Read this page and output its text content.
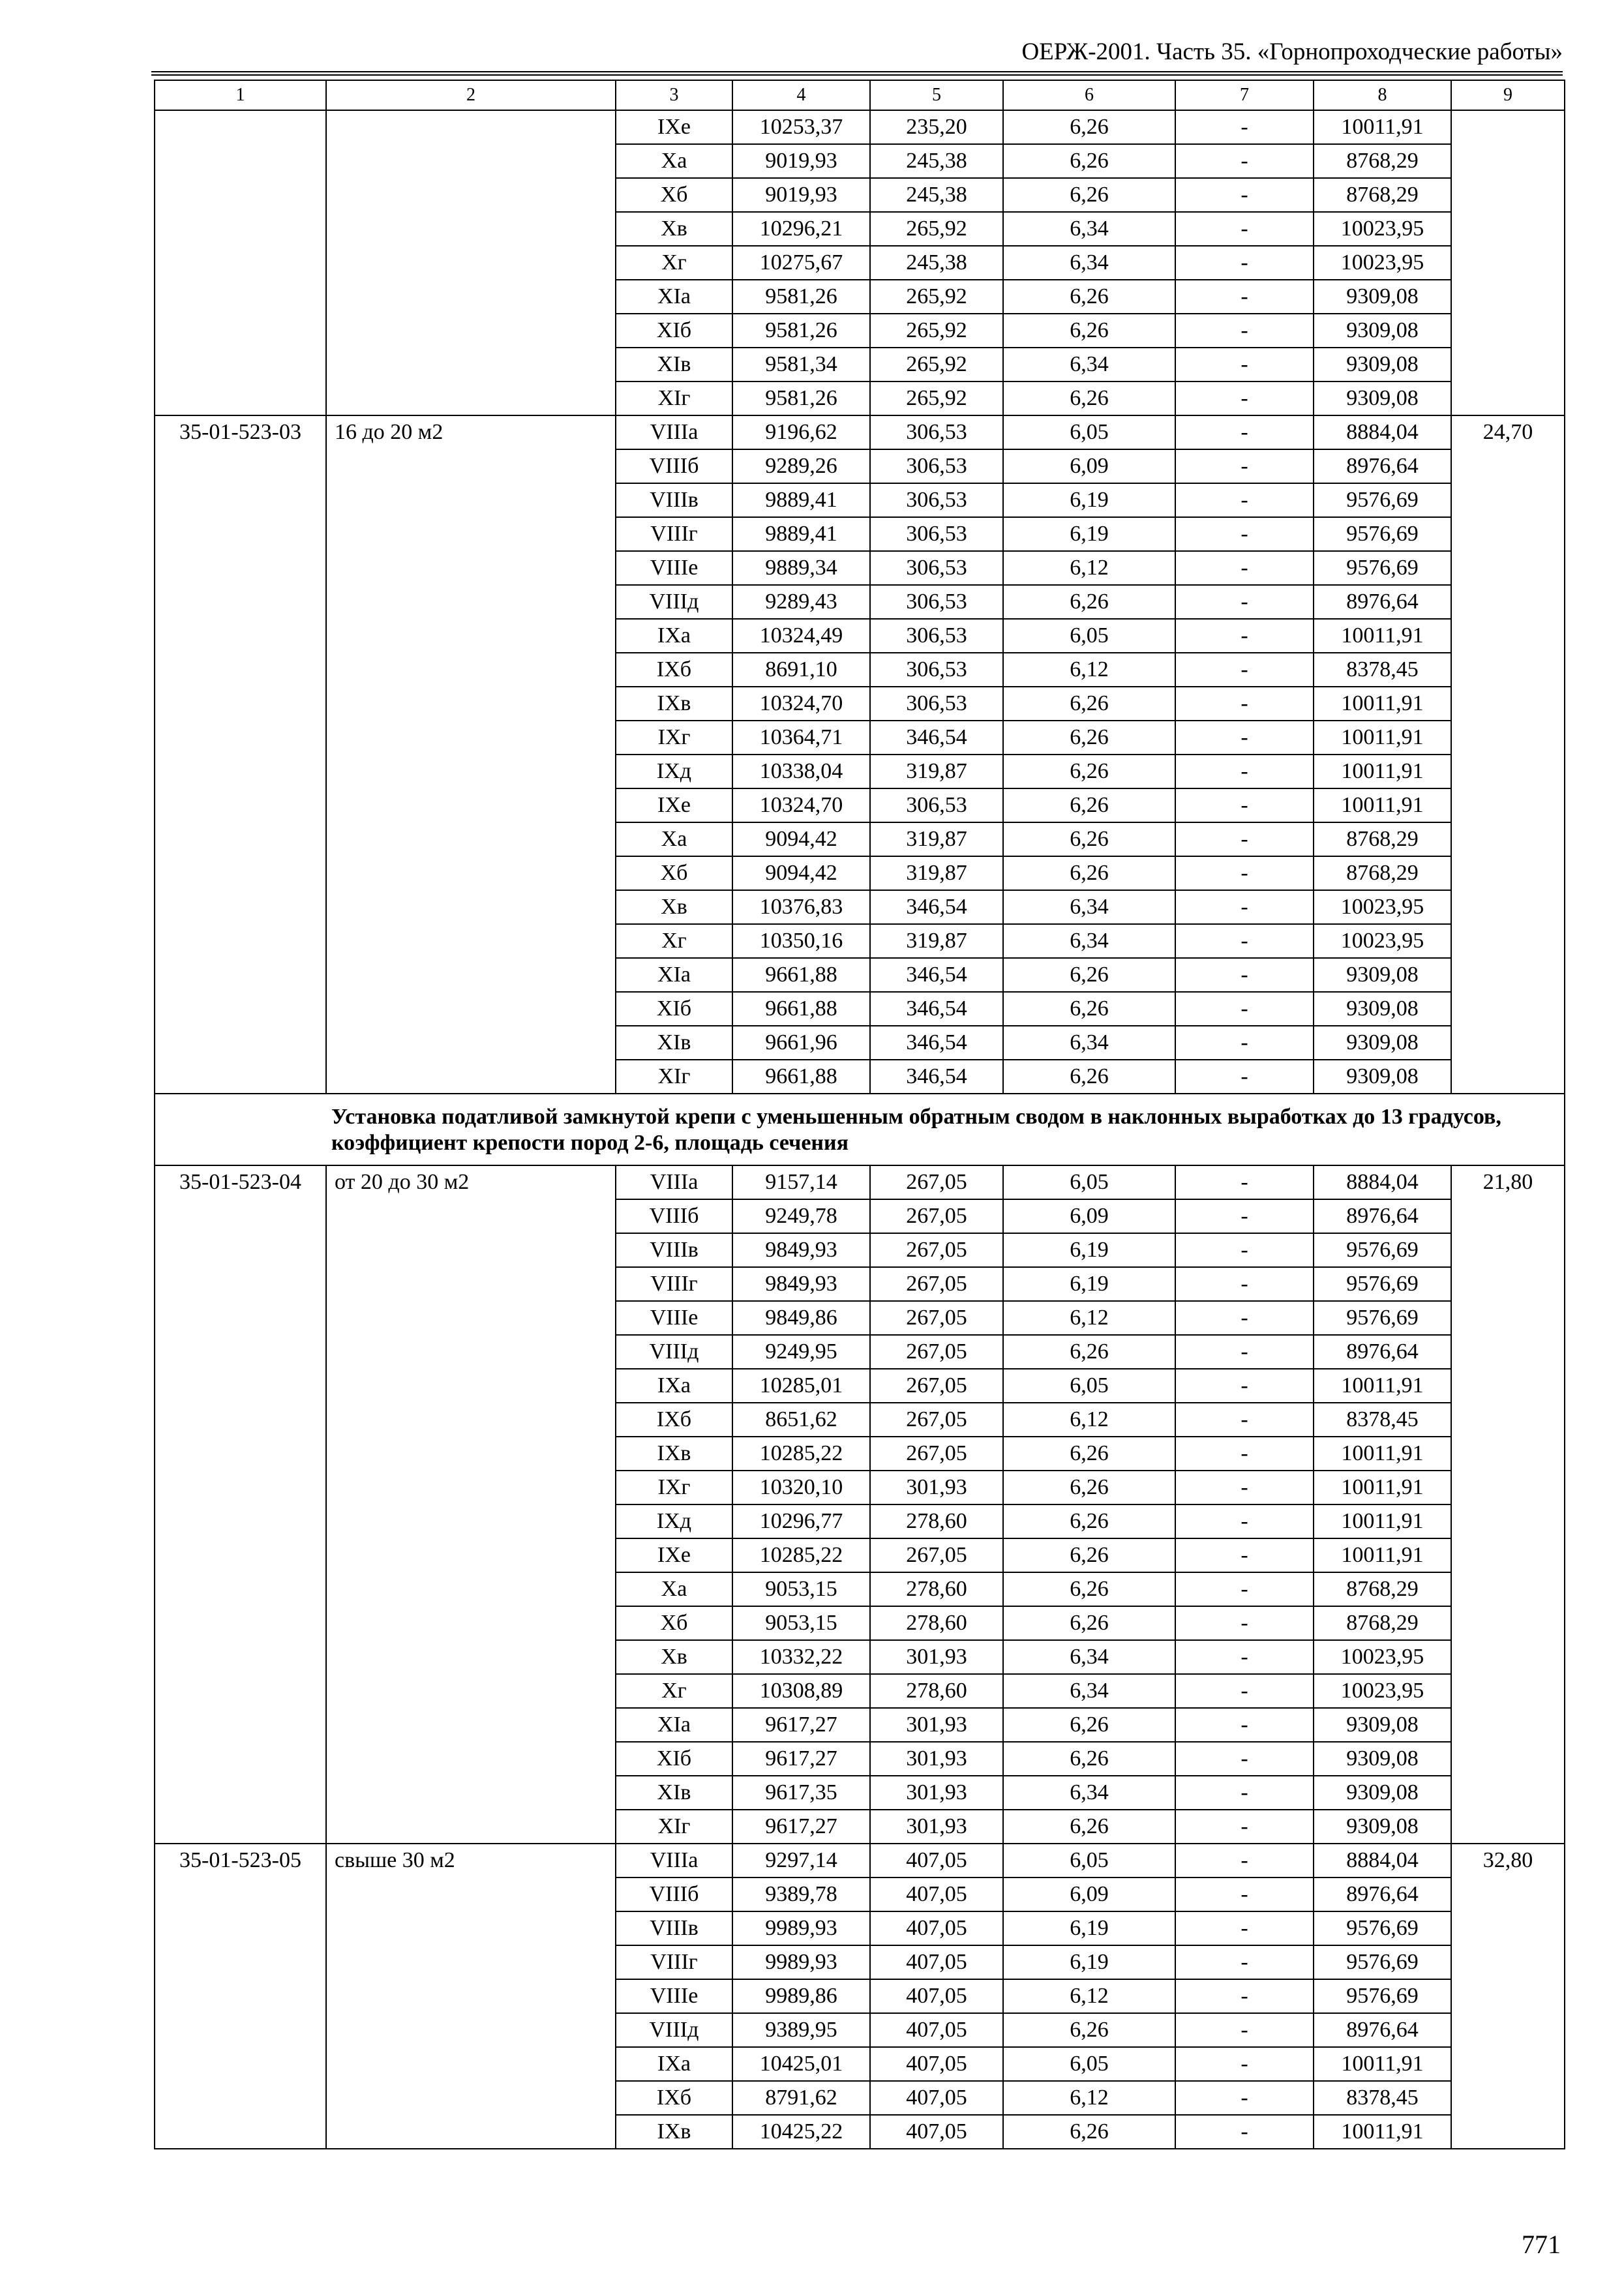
ОЕРЖ-2001. Часть 35. «Горнопроходческие работы»
1	2	3	4	5	6	7	8	9
		IXе	10253,37	235,20	6,26	-	10011,91	
		Xа	9019,93	245,38	6,26	-	8768,29	
		Xб	9019,93	245,38	6,26	-	8768,29	
		Xв	10296,21	265,92	6,34	-	10023,95	
		Xг	10275,67	245,38	6,34	-	10023,95	
		XIа	9581,26	265,92	6,26	-	9309,08	
		XIб	9581,26	265,92	6,26	-	9309,08	
		XIв	9581,34	265,92	6,34	-	9309,08	
		XIг	9581,26	265,92	6,26	-	9309,08	
35-01-523-03	16 до 20 м2	VIIIа	9196,62	306,53	6,05	-	8884,04	24,70
		VIIIб	9289,26	306,53	6,09	-	8976,64	
		VIIIв	9889,41	306,53	6,19	-	9576,69	
		VIIIг	9889,41	306,53	6,19	-	9576,69	
		VIIIе	9889,34	306,53	6,12	-	9576,69	
		VIIIд	9289,43	306,53	6,26	-	8976,64	
		IXа	10324,49	306,53	6,05	-	10011,91	
		IXб	8691,10	306,53	6,12	-	8378,45	
		IXв	10324,70	306,53	6,26	-	10011,91	
		IXг	10364,71	346,54	6,26	-	10011,91	
		IXд	10338,04	319,87	6,26	-	10011,91	
		IXе	10324,70	306,53	6,26	-	10011,91	
		Xа	9094,42	319,87	6,26	-	8768,29	
		Xб	9094,42	319,87	6,26	-	8768,29	
		Xв	10376,83	346,54	6,34	-	10023,95	
		Xг	10350,16	319,87	6,34	-	10023,95	
		XIа	9661,88	346,54	6,26	-	9309,08	
		XIб	9661,88	346,54	6,26	-	9309,08	
		XIв	9661,96	346,54	6,34	-	9309,08	
		XIг	9661,88	346,54	6,26	-	9309,08	
	Установка податливой замкнутой крепи с уменьшенным обратным сводом в наклонных выработках до 13 градусов, коэффициент крепости пород 2-6, площадь сечения							
35-01-523-04	от 20 до 30 м2	VIIIа	9157,14	267,05	6,05	-	8884,04	21,80
		VIIIб	9249,78	267,05	6,09	-	8976,64	
		VIIIв	9849,93	267,05	6,19	-	9576,69	
		VIIIг	9849,93	267,05	6,19	-	9576,69	
		VIIIе	9849,86	267,05	6,12	-	9576,69	
		VIIIд	9249,95	267,05	6,26	-	8976,64	
		IXа	10285,01	267,05	6,05	-	10011,91	
		IXб	8651,62	267,05	6,12	-	8378,45	
		IXв	10285,22	267,05	6,26	-	10011,91	
		IXг	10320,10	301,93	6,26	-	10011,91	
		IXд	10296,77	278,60	6,26	-	10011,91	
		IXе	10285,22	267,05	6,26	-	10011,91	
		Xа	9053,15	278,60	6,26	-	8768,29	
		Xб	9053,15	278,60	6,26	-	8768,29	
		Xв	10332,22	301,93	6,34	-	10023,95	
		Xг	10308,89	278,60	6,34	-	10023,95	
		XIа	9617,27	301,93	6,26	-	9309,08	
		XIб	9617,27	301,93	6,26	-	9309,08	
		XIв	9617,35	301,93	6,34	-	9309,08	
		XIг	9617,27	301,93	6,26	-	9309,08	
35-01-523-05	свыше 30 м2	VIIIа	9297,14	407,05	6,05	-	8884,04	32,80
		VIIIб	9389,78	407,05	6,09	-	8976,64	
		VIIIв	9989,93	407,05	6,19	-	9576,69	
		VIIIг	9989,93	407,05	6,19	-	9576,69	
		VIIIе	9989,86	407,05	6,12	-	9576,69	
		VIIIд	9389,95	407,05	6,26	-	8976,64	
		IXа	10425,01	407,05	6,05	-	10011,91	
		IXб	8791,62	407,05	6,12	-	8378,45	
		IXв	10425,22	407,05	6,26	-	10011,91	
771
